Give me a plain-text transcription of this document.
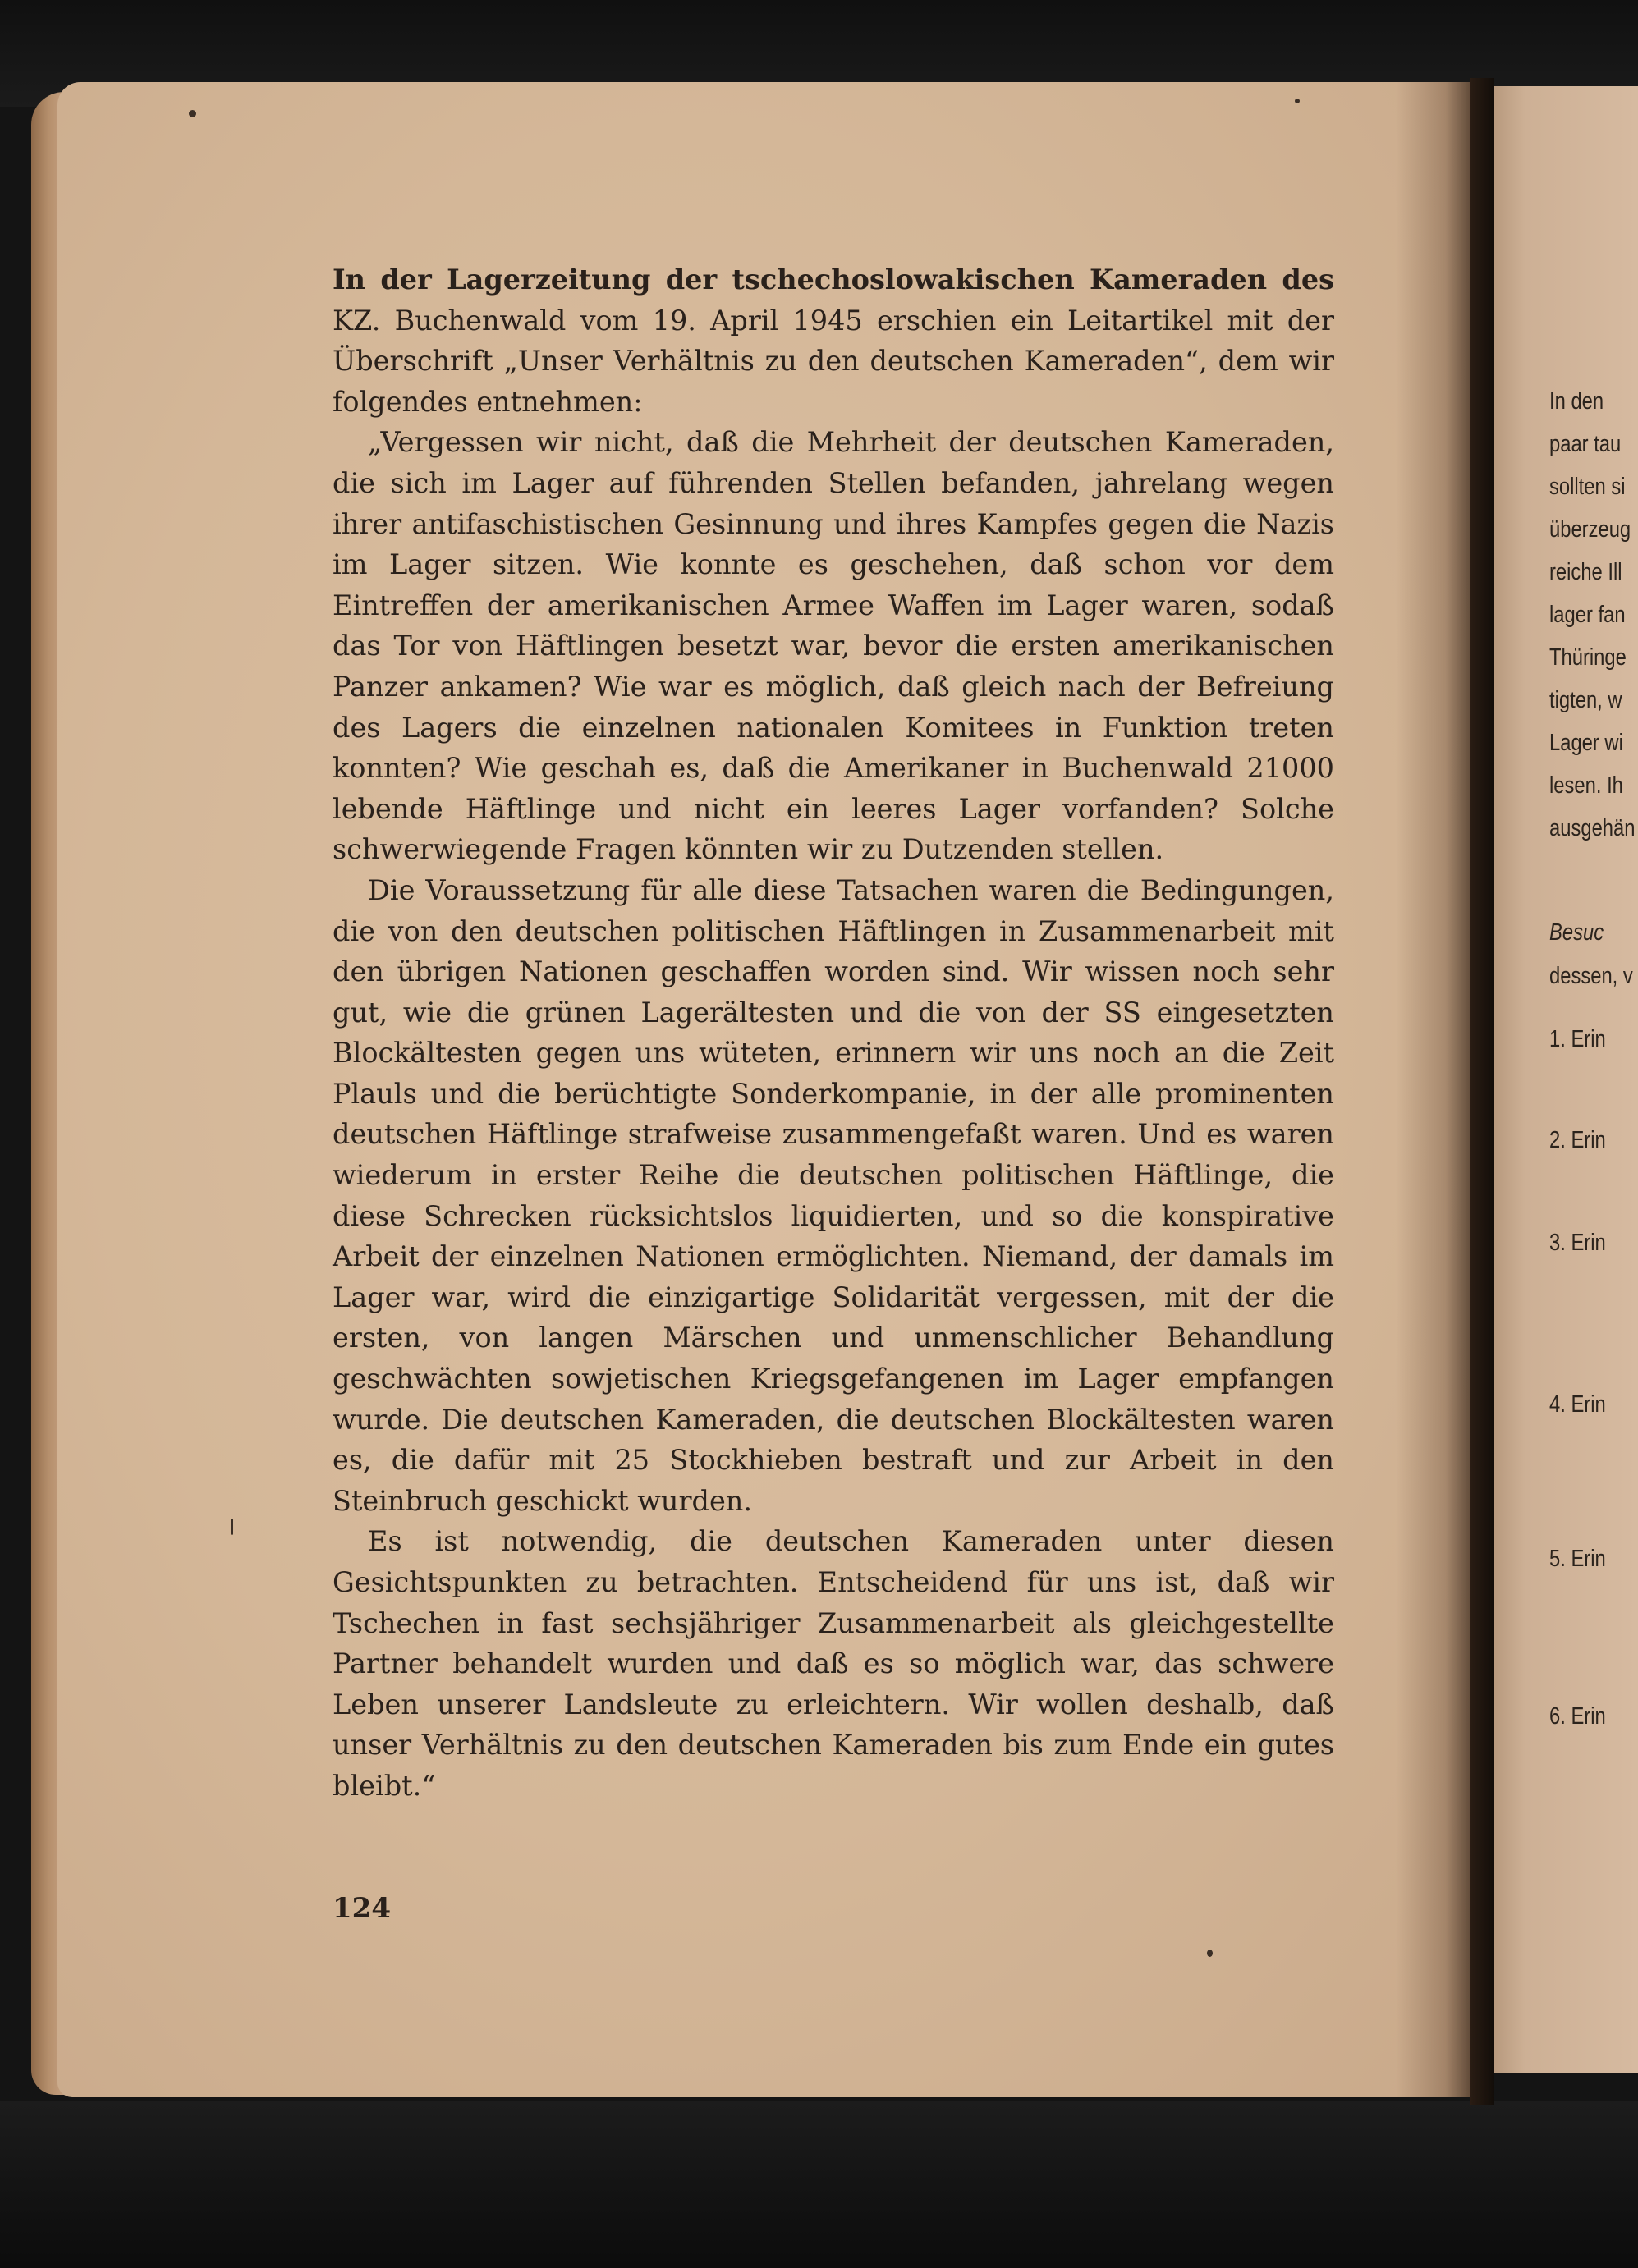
In den
paar tau
sollten si
überzeug
reiche Ill
lager fan
Thüringe
tigten, w
Lager wi
lesen. Ih
ausgehän
Besuc
dessen, v
1. Erin
2. Erin
3. Erin
4. Erin
5. Erin
6. Erin

In der Lagerzeitung der tschechoslowakischen Kameraden des KZ. Buchenwald vom 19. April 1945 erschien ein Leitartikel mit der Überschrift „Unser Verhältnis zu den deutschen Kameraden“, dem wir folgendes entnehmen:

„Vergessen wir nicht, daß die Mehrheit der deutschen Kameraden, die sich im Lager auf führenden Stellen befanden, jahrelang wegen ihrer antifaschistischen Gesinnung und ihres Kampfes gegen die Nazis im Lager sitzen. Wie konnte es geschehen, daß schon vor dem Eintreffen der amerikanischen Armee Waffen im Lager waren, sodaß das Tor von Häftlingen besetzt war, bevor die ersten amerikanischen Panzer ankamen? Wie war es möglich, daß gleich nach der Befreiung des Lagers die einzelnen nationalen Komitees in Funktion treten konnten? Wie geschah es, daß die Amerikaner in Buchenwald 21000 lebende Häftlinge und nicht ein leeres Lager vorfanden? Solche schwerwiegende Fragen könnten wir zu Dutzenden stellen.

Die Voraussetzung für alle diese Tatsachen waren die Bedingungen, die von den deutschen politischen Häftlingen in Zusammenarbeit mit den übrigen Nationen geschaffen worden sind. Wir wissen noch sehr gut, wie die grünen Lagerältesten und die von der SS eingesetzten Blockältesten gegen uns wüteten, erinnern wir uns noch an die Zeit Plauls und die berüchtigte Sonderkompanie, in der alle prominenten deutschen Häftlinge strafweise zusammengefaßt waren. Und es waren wiederum in erster Reihe die deutschen politischen Häftlinge, die diese Schrecken rücksichtslos liquidierten, und so die konspirative Arbeit der einzelnen Nationen ermöglichten. Niemand, der damals im Lager war, wird die einzigartige Solidarität vergessen, mit der die ersten, von langen Märschen und unmenschlicher Behandlung geschwächten sowjetischen Kriegsgefangenen im Lager empfangen wurde. Die deutschen Kameraden, die deutschen Blockältesten waren es, die dafür mit 25 Stockhieben bestraft und zur Arbeit in den Steinbruch geschickt wurden.

Es ist notwendig, die deutschen Kameraden unter diesen Gesichtspunkten zu betrachten. Entscheidend für uns ist, daß wir Tschechen in fast sechsjähriger Zusammenarbeit als gleichgestellte Partner behandelt wurden und daß es so möglich war, das schwere Leben unserer Landsleute zu erleichtern. Wir wollen deshalb, daß unser Verhältnis zu den deutschen Kameraden bis zum Ende ein gutes bleibt.“

124
